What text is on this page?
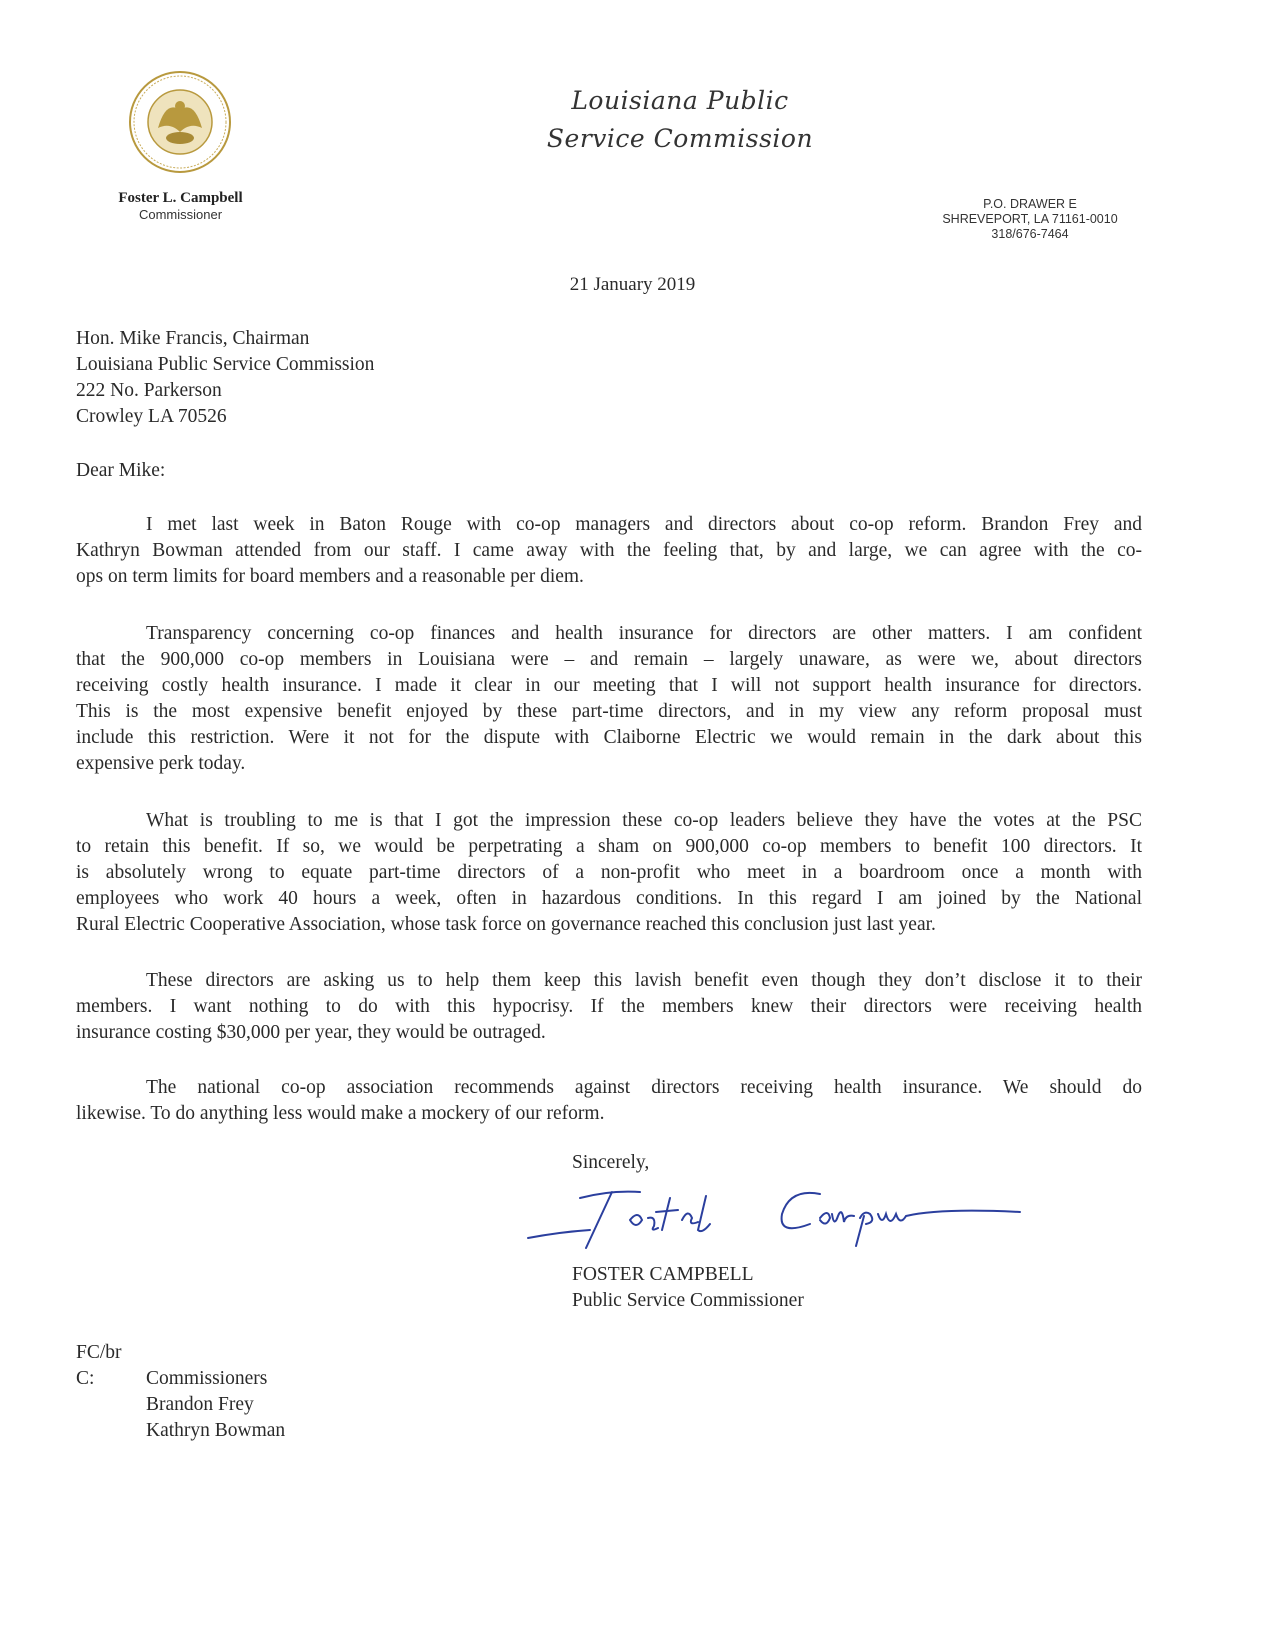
Louisiana Public
Service Commission
Foster L. Campbell
Commissioner
P.O. DRAWER E
SHREVEPORT, LA 71161-0010
318/676-7464
21 January 2019
Hon. Mike Francis, Chairman
Louisiana Public Service Commission
222 No. Parkerson
Crowley LA 70526
Dear Mike:
I met last week in Baton Rouge with co-op managers and directors about co-op reform. Brandon Frey and
Kathryn Bowman attended from our staff. I came away with the feeling that, by and large, we can agree with the co-
ops on term limits for board members and a reasonable per diem.
Transparency concerning co-op finances and health insurance for directors are other matters. I am confident
that the 900,000 co-op members in Louisiana were – and remain – largely unaware, as were we, about directors
receiving costly health insurance. I made it clear in our meeting that I will not support health insurance for directors.
This is the most expensive benefit enjoyed by these part-time directors, and in my view any reform proposal must
include this restriction. Were it not for the dispute with Claiborne Electric we would remain in the dark about this
expensive perk today.
What is troubling to me is that I got the impression these co-op leaders believe they have the votes at the PSC
to retain this benefit. If so, we would be perpetrating a sham on 900,000 co-op members to benefit 100 directors. It
is absolutely wrong to equate part-time directors of a non-profit who meet in a boardroom once a month with
employees who work 40 hours a week, often in hazardous conditions. In this regard I am joined by the National
Rural Electric Cooperative Association, whose task force on governance reached this conclusion just last year.
These directors are asking us to help them keep this lavish benefit even though they don’t disclose it to their
members. I want nothing to do with this hypocrisy. If the members knew their directors were receiving health
insurance costing $30,000 per year, they would be outraged.
The national co-op association recommends against directors receiving health insurance. We should do
likewise. To do anything less would make a mockery of our reform.
Sincerely,
FOSTER CAMPBELL
Public Service Commissioner
FC/br
C:	Commissioners
Brandon Frey
Kathryn Bowman
